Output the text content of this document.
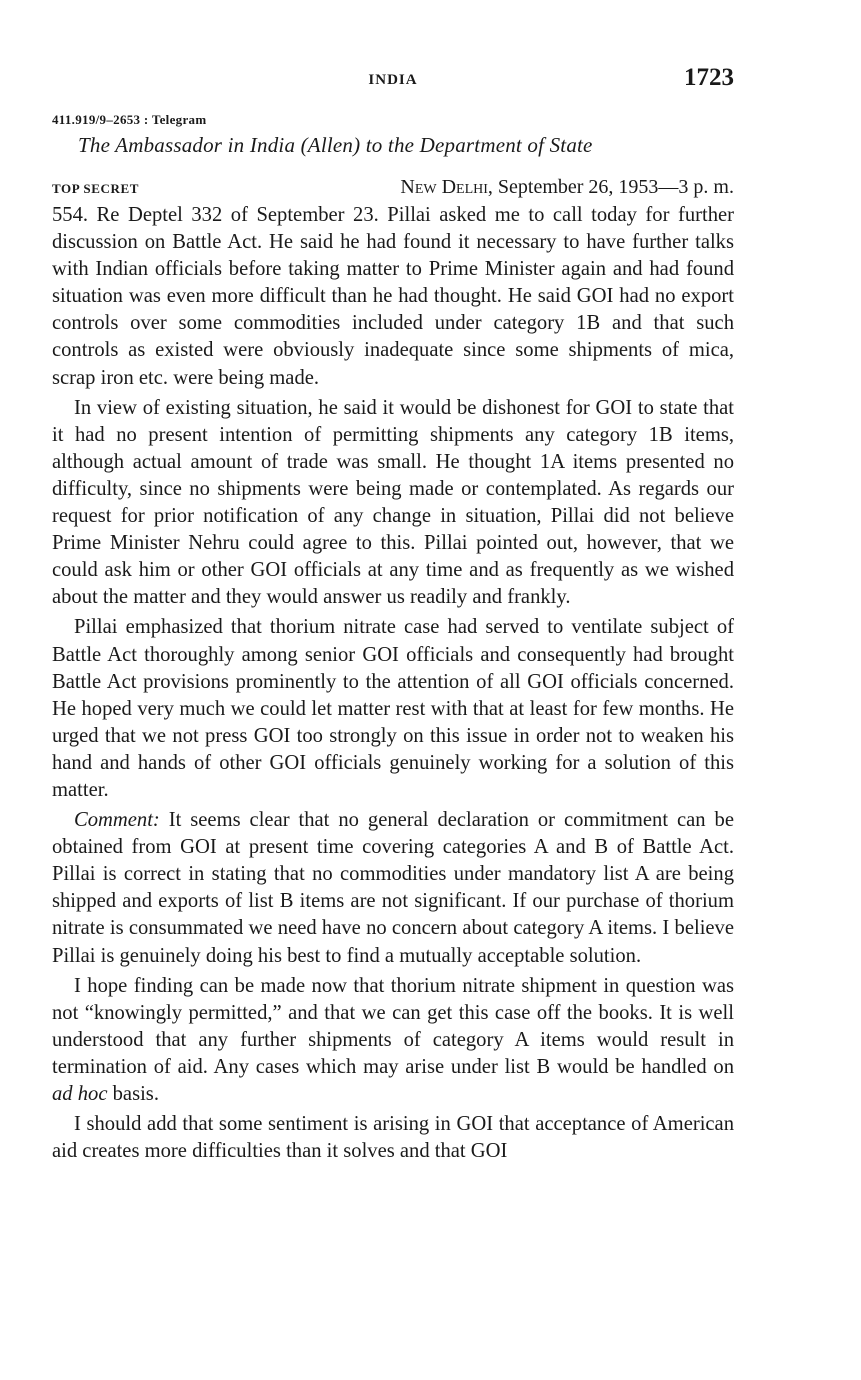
INDIA	1723
411.919/9–2653 : Telegram
The Ambassador in India (Allen) to the Department of State
TOP SECRET	New Delhi, September 26, 1953—3 p. m.

554. Re Deptel 332 of September 23. Pillai asked me to call today for further discussion on Battle Act. He said he had found it necessary to have further talks with Indian officials before taking matter to Prime Minister again and had found situation was even more difficult than he had thought. He said GOI had no export controls over some commodities included under category 1B and that such controls as existed were obviously inadequate since some shipments of mica, scrap iron etc. were being made.

In view of existing situation, he said it would be dishonest for GOI to state that it had no present intention of permitting shipments any category 1B items, although actual amount of trade was small. He thought 1A items presented no difficulty, since no shipments were being made or contemplated. As regards our request for prior notification of any change in situation, Pillai did not believe Prime Minister Nehru could agree to this. Pillai pointed out, however, that we could ask him or other GOI officials at any time and as frequently as we wished about the matter and they would answer us readily and frankly.

Pillai emphasized that thorium nitrate case had served to ventilate subject of Battle Act thoroughly among senior GOI officials and consequently had brought Battle Act provisions prominently to the attention of all GOI officials concerned. He hoped very much we could let matter rest with that at least for few months. He urged that we not press GOI too strongly on this issue in order not to weaken his hand and hands of other GOI officials genuinely working for a solution of this matter.

Comment: It seems clear that no general declaration or commitment can be obtained from GOI at present time covering categories A and B of Battle Act. Pillai is correct in stating that no commodities under mandatory list A are being shipped and exports of list B items are not significant. If our purchase of thorium nitrate is consummated we need have no concern about category A items. I believe Pillai is genuinely doing his best to find a mutually acceptable solution.

I hope finding can be made now that thorium nitrate shipment in question was not “knowingly permitted,” and that we can get this case off the books. It is well understood that any further shipments of category A items would result in termination of aid. Any cases which may arise under list B would be handled on ad hoc basis.

I should add that some sentiment is arising in GOI that acceptance of American aid creates more difficulties than it solves and that GOI
